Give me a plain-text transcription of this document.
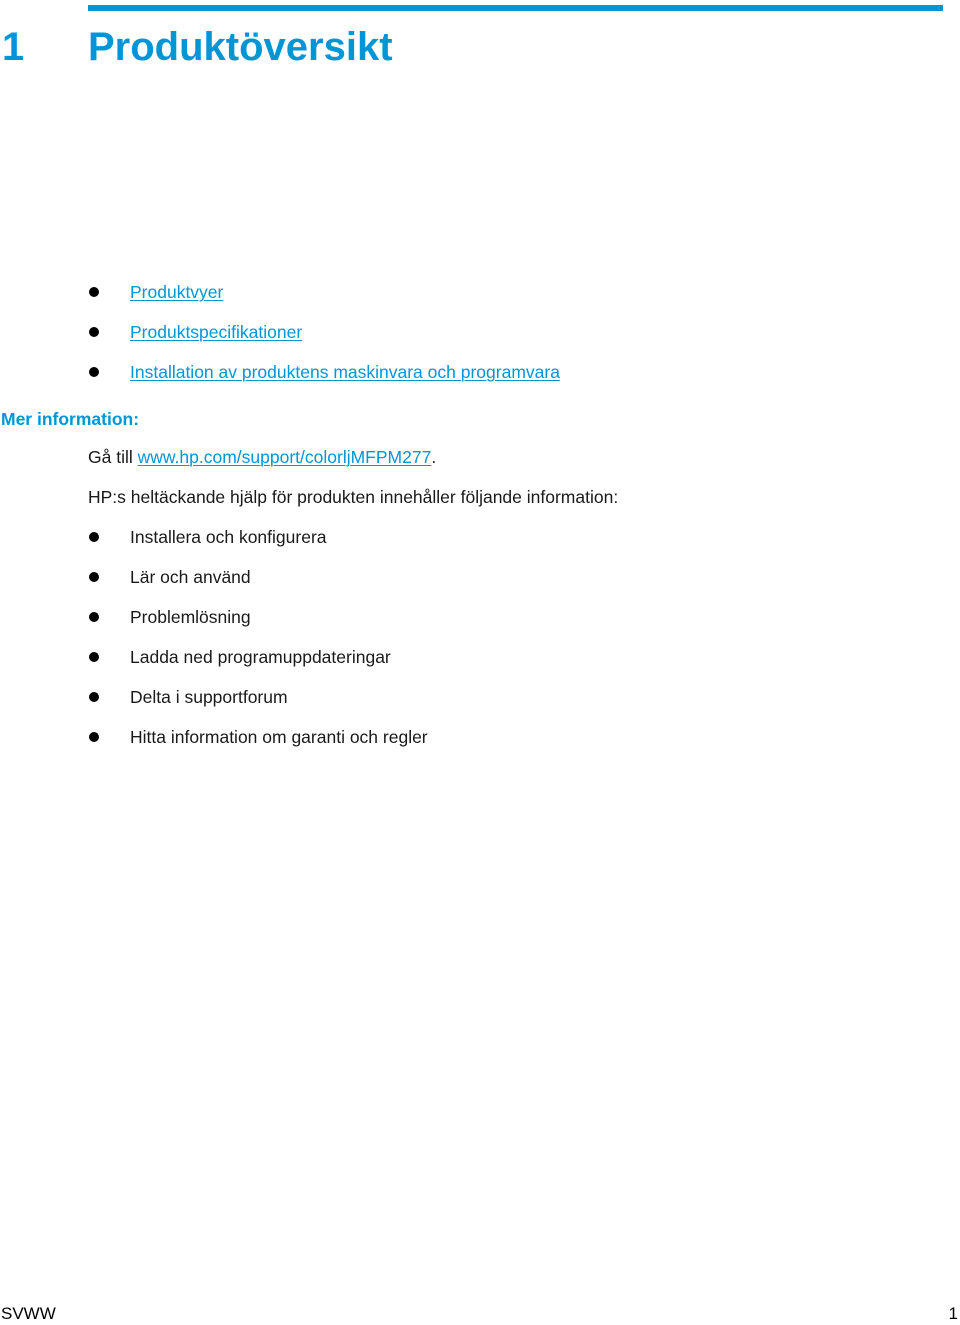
1 Produktöversikt
Produktvyer
Produktspecifikationer
Installation av produktens maskinvara och programvara
Mer information:
Gå till www.hp.com/support/colorljMFPM277.
HP:s heltäckande hjälp för produkten innehåller följande information:
Installera och konfigurera
Lär och använd
Problemlösning
Ladda ned programuppdateringar
Delta i supportforum
Hitta information om garanti och regler
SVWW	1
